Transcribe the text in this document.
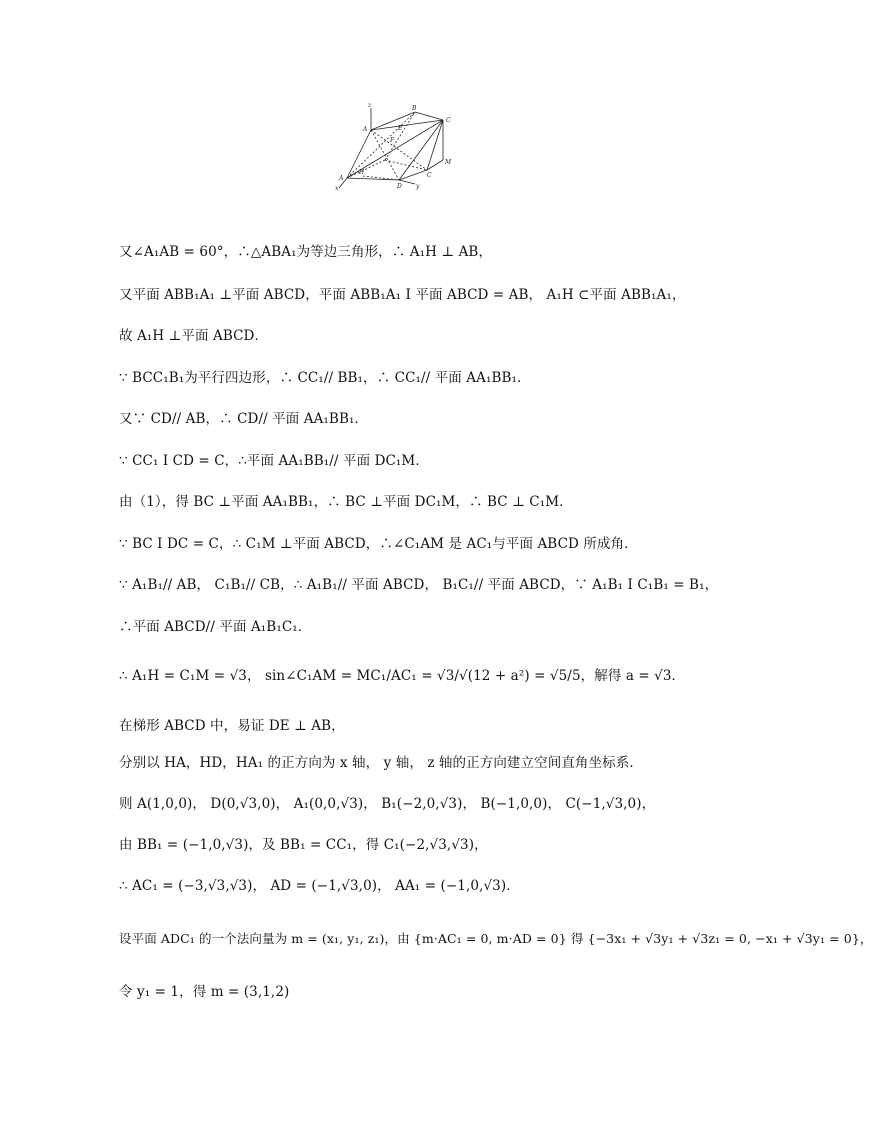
z
A
B
C
E
F
M
A
H
D
C
x	y
又∠A₁AB = 60°，∴△ABA₁为等边三角形，∴ A₁H ⊥ AB，
又平面 ABB₁A₁ ⊥平面 ABCD，平面 ABB₁A₁ I 平面 ABCD = AB， A₁H ⊂平面 ABB₁A₁，
故 A₁H ⊥平面 ABCD．
∵ BCC₁B₁为平行四边形，∴ CC₁// BB₁，∴ CC₁// 平面 AA₁BB₁．
又∵ CD// AB，∴ CD// 平面 AA₁BB₁．
∵ CC₁ I CD = C，∴平面 AA₁BB₁// 平面 DC₁M．
由（1），得 BC ⊥平面 AA₁BB₁，∴ BC ⊥平面 DC₁M，∴ BC ⊥ C₁M．
∵ BC I DC = C，∴ C₁M ⊥平面 ABCD，∴∠C₁AM 是 AC₁与平面 ABCD 所成角．
∵ A₁B₁// AB， C₁B₁// CB，∴ A₁B₁// 平面 ABCD， B₁C₁// 平面 ABCD，∵ A₁B₁ I C₁B₁ = B₁，
∴平面 ABCD// 平面 A₁B₁C₁．
∴ A₁H = C₁M = √3， sin∠C₁AM = MC₁/AC₁ = √3/√(12 + a²) = √5/5，解得 a = √3．
在梯形 ABCD 中，易证 DE ⊥ AB，
分别以 HA，HD，HA₁ 的正方向为 x 轴， y 轴， z 轴的正方向建立空间直角坐标系．
则 A(1,0,0)， D(0,√3,0)， A₁(0,0,√3)， B₁(−2,0,√3)， B(−1,0,0)， C(−1,√3,0)，
由 BB₁ = (−1,0,√3)，及 BB₁ = CC₁，得 C₁(−2,√3,√3)，
∴ AC₁ = (−3,√3,√3)， AD = (−1,√3,0)， AA₁ = (−1,0,√3)．
设平面 ADC₁ 的一个法向量为 m = (x₁, y₁, z₁)，由 {m·AC₁ = 0, m·AD = 0} 得 {−3x₁ + √3y₁ + √3z₁ = 0, −x₁ + √3y₁ = 0}，
令 y₁ = 1，得 m = (3,1,2)
